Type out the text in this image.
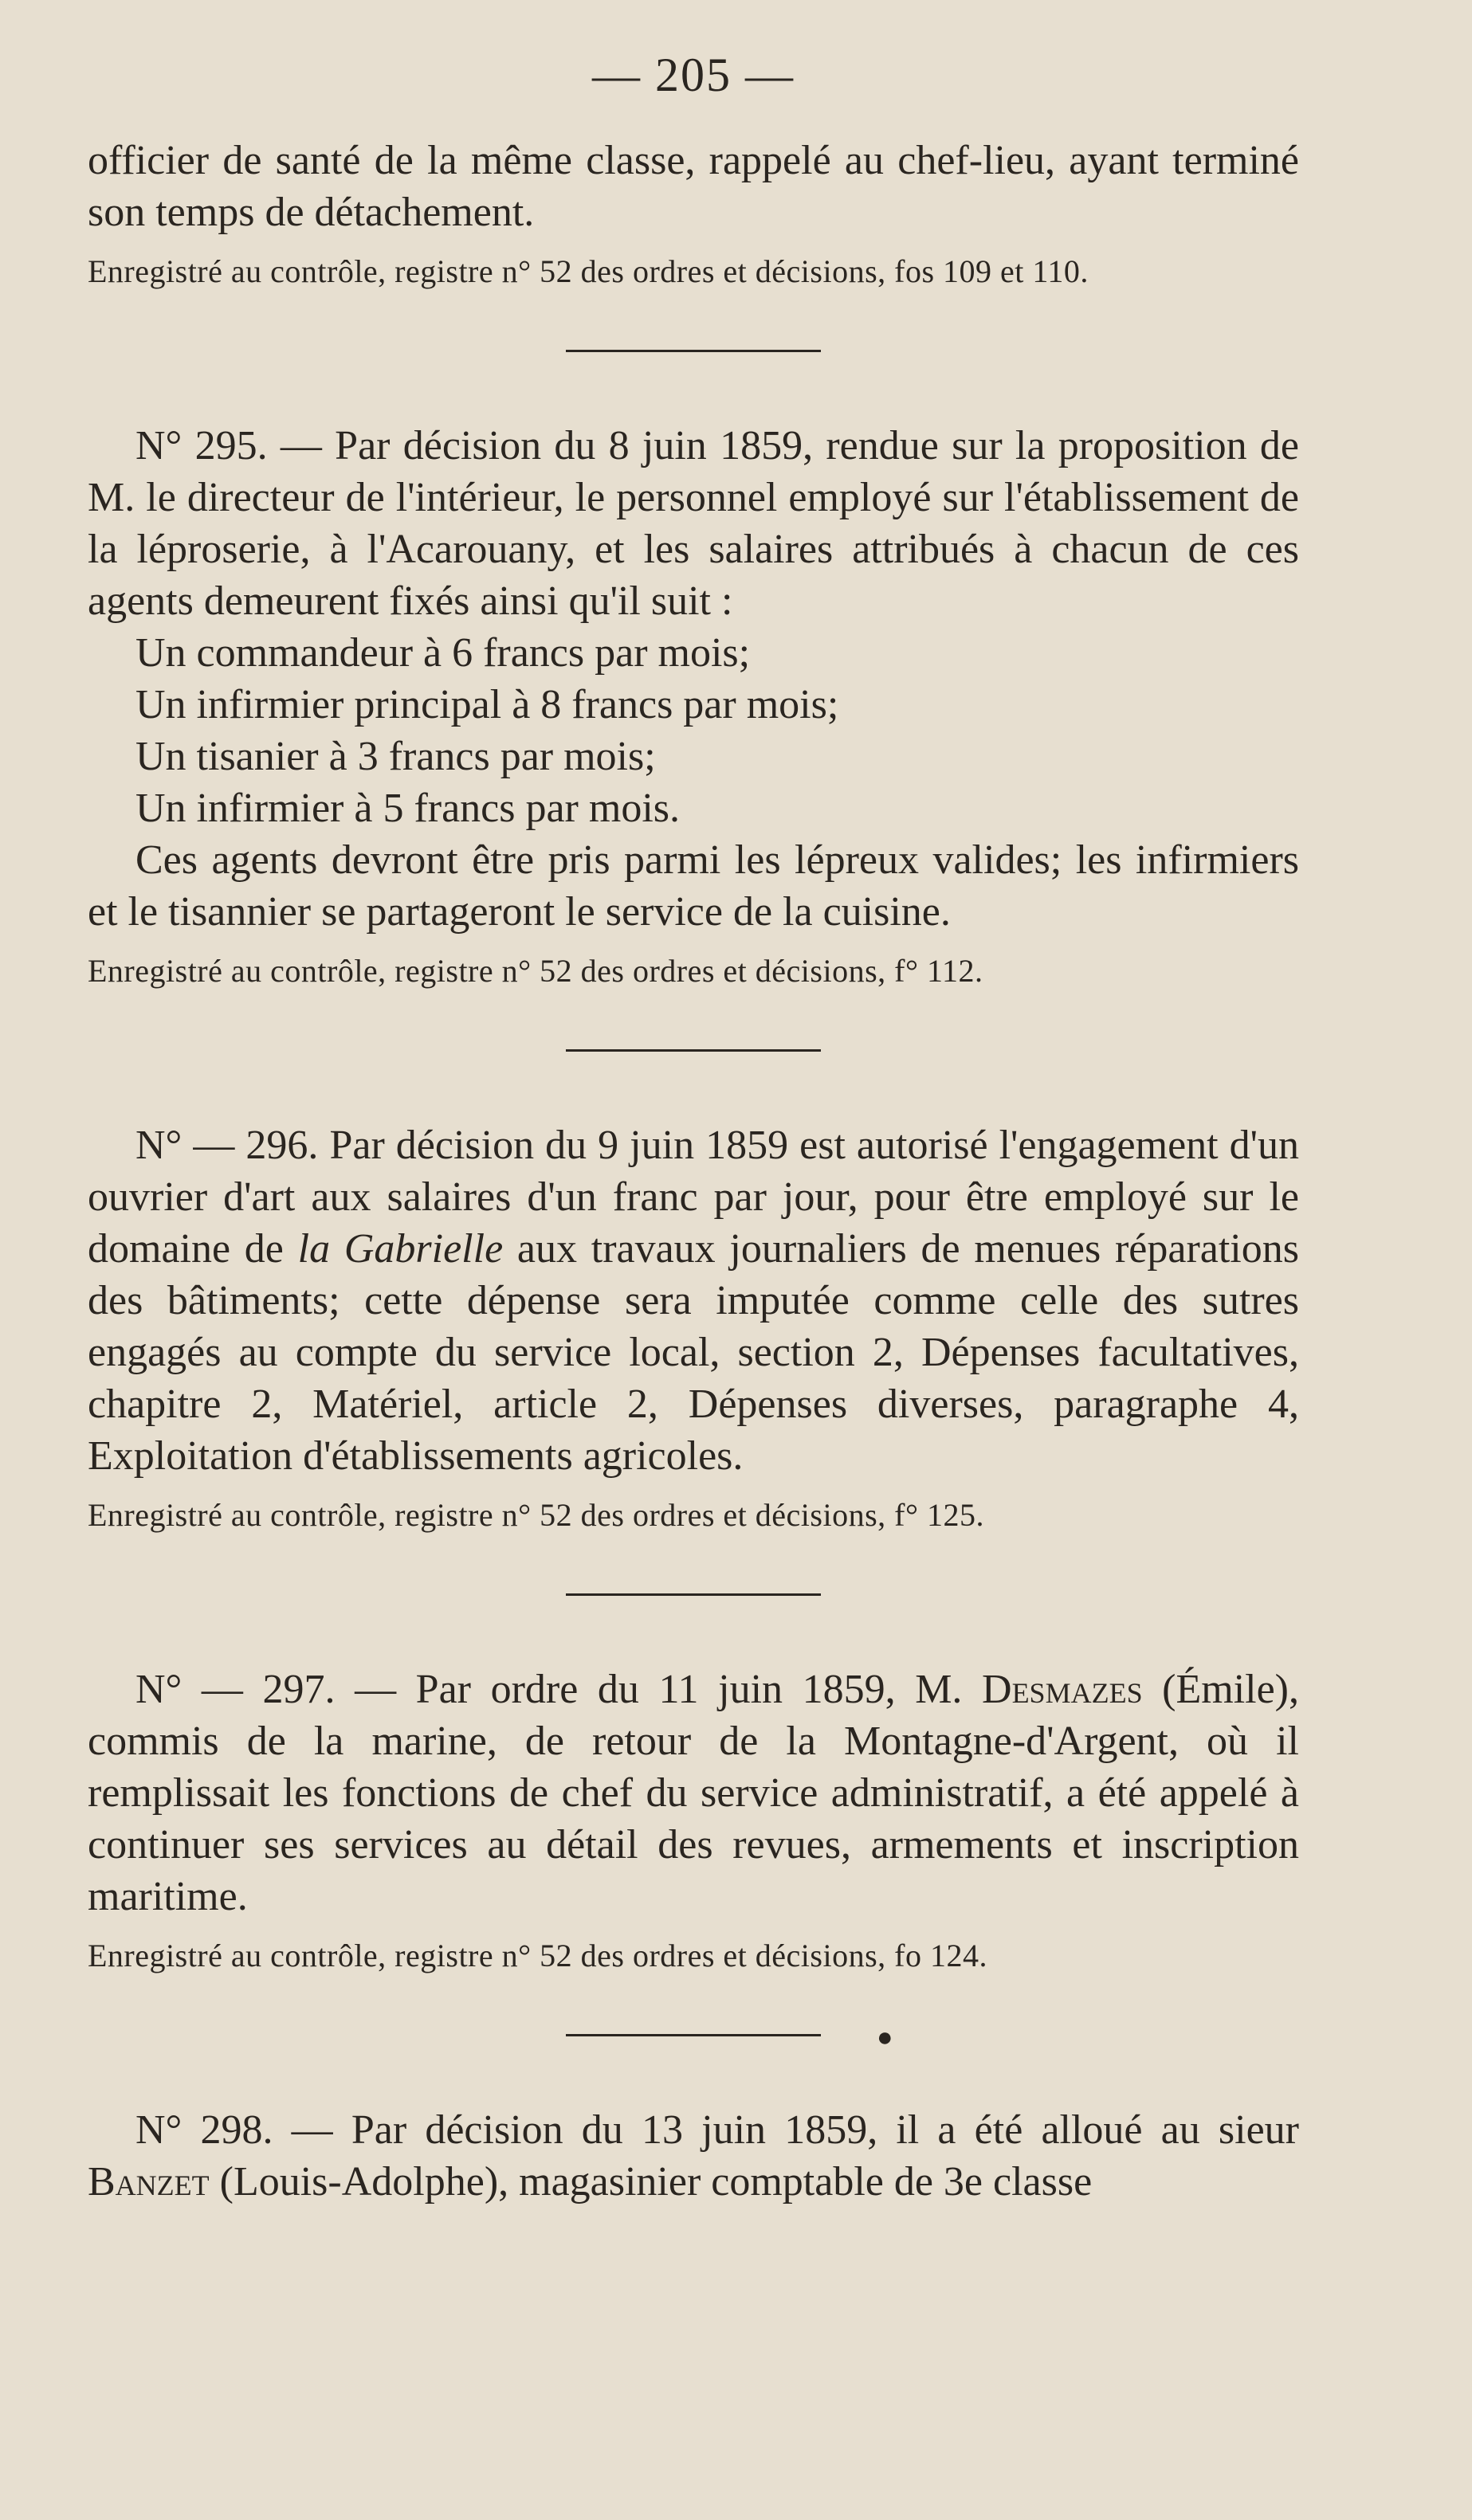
— 205 —

officier de santé de la même classe, rappelé au chef-lieu, ayant terminé son temps de détachement.

Enregistré au contrôle, registre n° 52 des ordres et décisions, fos 109 et 110.

N° 295. — Par décision du 8 juin 1859, rendue sur la proposition de M. le directeur de l'intérieur, le personnel employé sur l'établissement de la léproserie, à l'Acarouany, et les salaires attribués à chacun de ces agents demeurent fixés ainsi qu'il suit :

Un commandeur à 6 francs par mois;

Un infirmier principal à 8 francs par mois;

Un tisanier à 3 francs par mois;

Un infirmier à 5 francs par mois.

Ces agents devront être pris parmi les lépreux valides; les infirmiers et le tisannier se partageront le service de la cuisine.

Enregistré au contrôle, registre n° 52 des ordres et décisions, f° 112.

N° — 296. Par décision du 9 juin 1859 est autorisé l'engagement d'un ouvrier d'art aux salaires d'un franc par jour, pour être employé sur le domaine de la Gabrielle aux travaux journaliers de menues réparations des bâtiments; cette dépense sera imputée comme celle des sutres engagés au compte du service local, section 2, Dépenses facultatives, chapitre 2, Matériel, article 2, Dépenses diverses, paragraphe 4, Exploitation d'établissements agricoles.

Enregistré au contrôle, registre n° 52 des ordres et décisions, f° 125.

N° — 297. — Par ordre du 11 juin 1859, M. Desmazes (Émile), commis de la marine, de retour de la Montagne-d'Argent, où il remplissait les fonctions de chef du service administratif, a été appelé à continuer ses services au détail des revues, armements et inscription maritime.

Enregistré au contrôle, registre n° 52 des ordres et décisions, fo 124.

●

N° 298. — Par décision du 13 juin 1859, il a été alloué au sieur Banzet (Louis-Adolphe), magasinier comptable de 3e classe
